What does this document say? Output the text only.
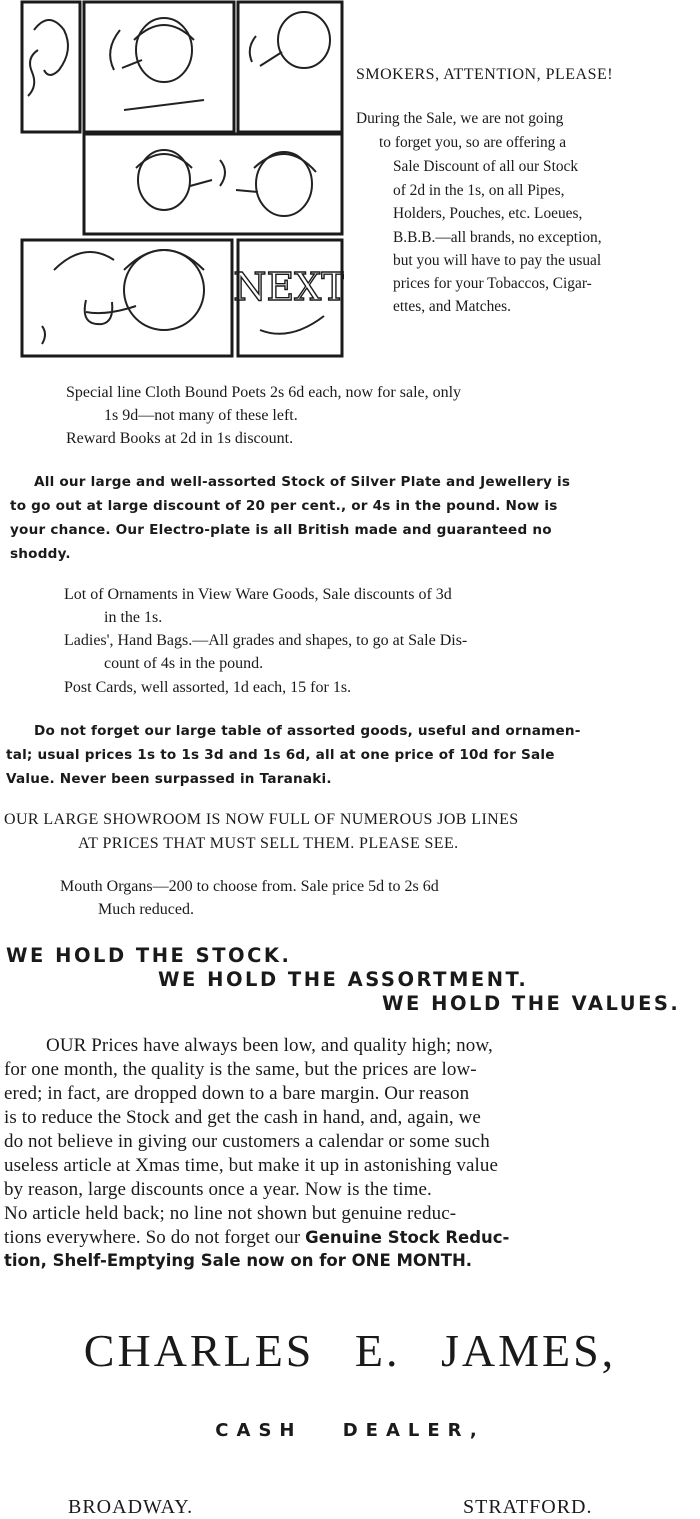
NEXT
SMOKERS, ATTENTION, PLEASE!
During the Sale, we are not going
to forget you, so are offering a
Sale Discount of all our Stock
of 2d in the 1s, on all Pipes,
Holders, Pouches, etc. Loeues,
B.B.B.—all brands, no exception,
but you will have to pay the usual
prices for your Tobaccos, Cigar-
ettes, and Matches.
Special line Cloth Bound Poets 2s 6d each, now for sale, only
1s 9d—not many of these left.
Reward Books at 2d in 1s discount.
All our large and well-assorted Stock of Silver Plate and Jewellery is
to go out at large discount of 20 per cent., or 4s in the pound. Now is
your chance. Our Electro-plate is all British made and guaranteed no
shoddy.
Lot of Ornaments in View Ware Goods, Sale discounts of 3d
in the 1s.
Ladies', Hand Bags.—All grades and shapes, to go at Sale Dis-
count of 4s in the pound.
Post Cards, well assorted, 1d each, 15 for 1s.
Do not forget our large table of assorted goods, useful and ornamen-
tal; usual prices 1s to 1s 3d and 1s 6d, all at one price of 10d for Sale
Value. Never been surpassed in Taranaki.
OUR LARGE SHOWROOM IS NOW FULL OF NUMEROUS JOB LINES
AT PRICES THAT MUST SELL THEM. PLEASE SEE.
Mouth Organs—200 to choose from. Sale price 5d to 2s 6d
Much reduced.
WE HOLD THE STOCK.
WE HOLD THE ASSORTMENT.
WE HOLD THE VALUES.
OUR Prices have always been low, and quality high; now,
for one month, the quality is the same, but the prices are low-
ered; in fact, are dropped down to a bare margin. Our reason
is to reduce the Stock and get the cash in hand, and, again, we
do not believe in giving our customers a calendar or some such
useless article at Xmas time, but make it up in astonishing value
by reason, large discounts once a year. Now is the time.
No article held back; no line not shown but genuine reduc-
tions everywhere. So do not forget our Genuine Stock Reduc-
tion, Shelf-Emptying Sale now on for ONE MONTH.
CHARLES E. JAMES,
CASH DEALER,
BROADWAY.	STRATFORD.
